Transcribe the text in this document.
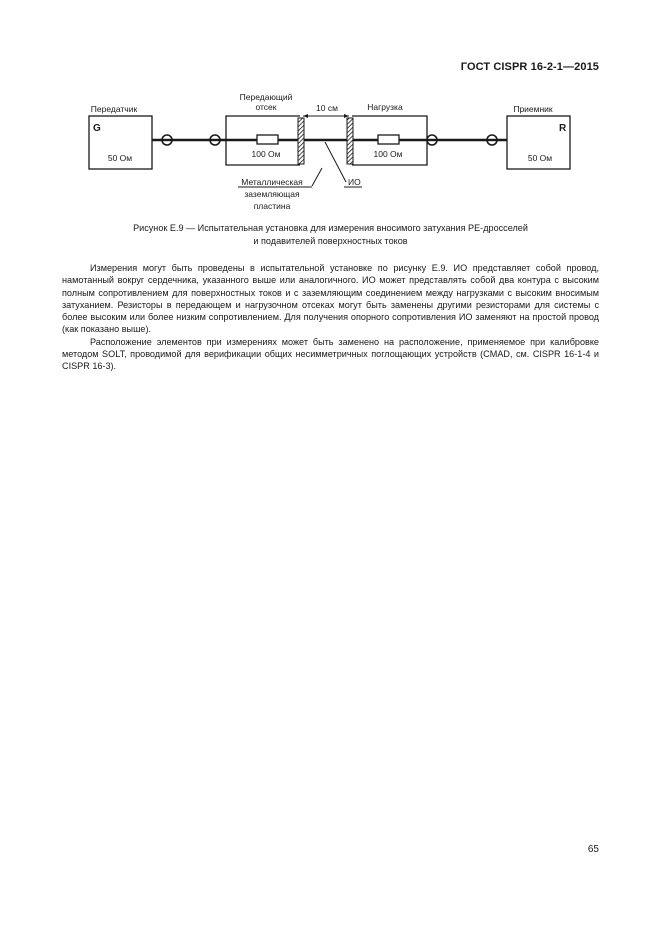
ГОСТ CISPR 16-2-1—2015
Передатчик
G
50 Ом
Приемник
R
50 Ом
Передающий
отсек	Нагрузка
10 см
100 Ом	100 Ом
Металлическая
заземляющая
пластина
ИО
Рисунок Е.9 — Испытательная установка для измерения вносимого затухания PE-дросселей
и подавителей поверхностных токов

Измерения могут быть проведены в испытательной установке по рисунку Е.9. ИО представляет собой провод, намотанный вокруг сердечника, указанного выше или аналогичного. ИО может представлять собой два контура с высоким полным сопротивлением для поверхностных токов и с заземляющим соединением между нагрузками с высоким вносимым затуханием. Резисторы в передающем и нагрузочном отсеках могут быть заменены другими резисторами для системы с более высоким или более низким сопротивлением. Для получения опорного сопротивления ИО заменяют на простой провод (как показано выше).

Расположение элементов при измерениях может быть заменено на расположение, применяемое при калибровке методом SOLT, проводимой для верификации общих несимметричных поглощающих устройств (CMAD, см. CISPR 16-1-4 и CISPR 16-3).

65
